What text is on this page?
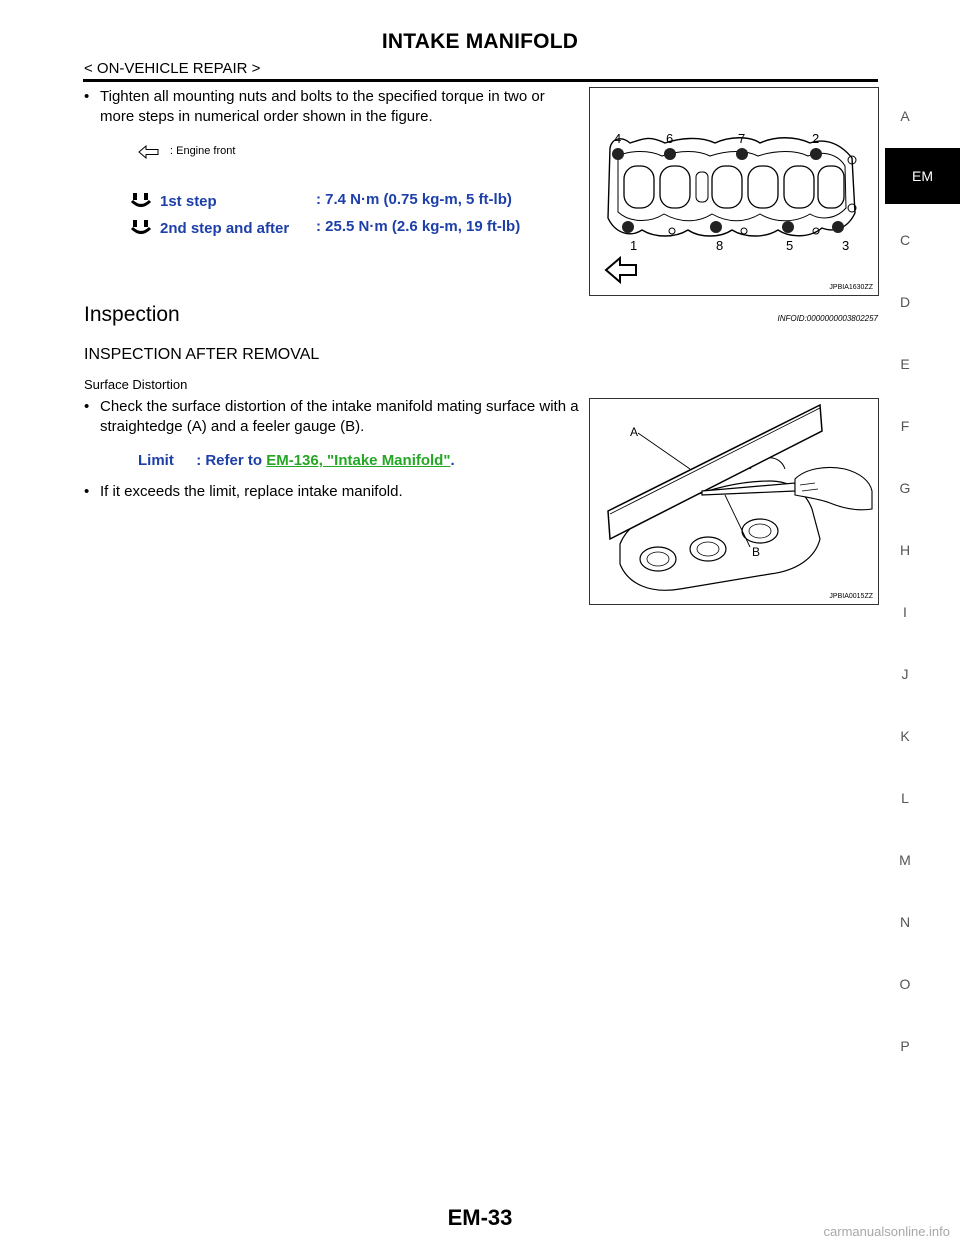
INTAKE MANIFOLD
< ON-VEHICLE REPAIR >
• Tighten all mounting nuts and bolts to the specified torque in two or more steps in numerical order shown in the figure.
: Engine front
1st step	: 7.4 N·m (0.75 kg-m, 5 ft-lb)
2nd step and after : 25.5 N·m (2.6 kg-m, 19 ft-lb)
4	6	7	2
1	8	5	3
JPBIA1630ZZ
Inspection	INFOID:0000000003802257
INSPECTION AFTER REMOVAL
Surface Distortion
• Check the surface distortion of the intake manifold mating surface with a straightedge (A) and a feeler gauge (B).
Limit : Refer to EM-136, "Intake Manifold".
• If it exceeds the limit, replace intake manifold.
A
B
JPBIA0015ZZ
A
EM
C
D
E
F
G
H
I
J
K
L
M
N
O
P
EM-33
carmanualsonline.info
